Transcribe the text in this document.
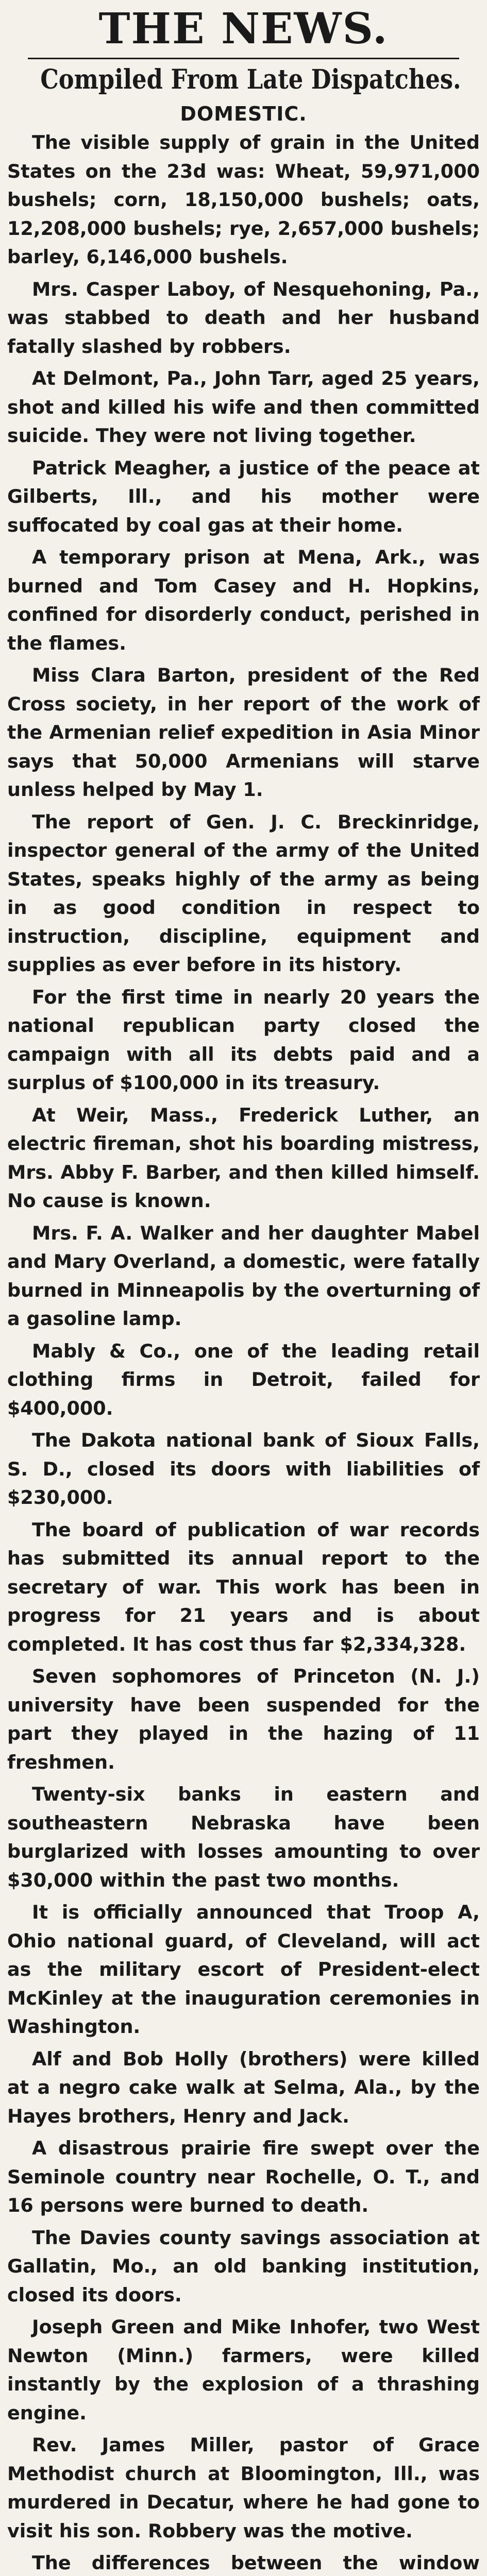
THE NEWS.
Compiled From Late Dispatches.
DOMESTIC.

The visible supply of grain in the United States on the 23d was: Wheat, 59,971,000 bushels; corn, 18,150,000 bushels; oats, 12,208,000 bushels; rye, 2,657,000 bushels; barley, 6,146,000 bushels.

Mrs. Casper Laboy, of Nesquehoning, Pa., was stabbed to death and her husband fatally slashed by robbers.

At Delmont, Pa., John Tarr, aged 25 years, shot and killed his wife and then committed suicide. They were not living together.

Patrick Meagher, a justice of the peace at Gilberts, Ill., and his mother were suffocated by coal gas at their home.

A temporary prison at Mena, Ark., was burned and Tom Casey and H. Hopkins, confined for disorderly conduct, perished in the flames.

Miss Clara Barton, president of the Red Cross society, in her report of the work of the Armenian relief expedition in Asia Minor says that 50,000 Armenians will starve unless helped by May 1.

The report of Gen. J. C. Breckinridge, inspector general of the army of the United States, speaks highly of the army as being in as good condition in respect to instruction, discipline, equipment and supplies as ever before in its history.

For the first time in nearly 20 years the national republican party closed the campaign with all its debts paid and a surplus of $100,000 in its treasury.

At Weir, Mass., Frederick Luther, an electric fireman, shot his boarding mistress, Mrs. Abby F. Barber, and then killed himself. No cause is known.

Mrs. F. A. Walker and her daughter Mabel and Mary Overland, a domestic, were fatally burned in Minneapolis by the overturning of a gasoline lamp.

Mably & Co., one of the leading retail clothing firms in Detroit, failed for $400,000.

The Dakota national bank of Sioux Falls, S. D., closed its doors with liabilities of $230,000.

The board of publication of war records has submitted its annual report to the secretary of war. This work has been in progress for 21 years and is about completed. It has cost thus far $2,334,328.

Seven sophomores of Princeton (N. J.) university have been suspended for the part they played in the hazing of 11 freshmen.

Twenty-six banks in eastern and southeastern Nebraska have been burglarized with losses amounting to over $30,000 within the past two months.

It is officially announced that Troop A, Ohio national guard, of Cleveland, will act as the military escort of President-elect McKinley at the inauguration ceremonies in Washington.

Alf and Bob Holly (brothers) were killed at a negro cake walk at Selma, Ala., by the Hayes brothers, Henry and Jack.

A disastrous prairie fire swept over the Seminole country near Rochelle, O. T., and 16 persons were burned to death.

The Davies county savings association at Gallatin, Mo., an old banking institution, closed its doors.

Joseph Green and Mike Inhofer, two West Newton (Minn.) farmers, were killed instantly by the explosion of a thrashing engine.

Rev. James Miller, pastor of Grace Methodist church at Bloomington, Ill., was murdered in Decatur, where he had gone to visit his son. Robbery was the motive.

The differences between the window
